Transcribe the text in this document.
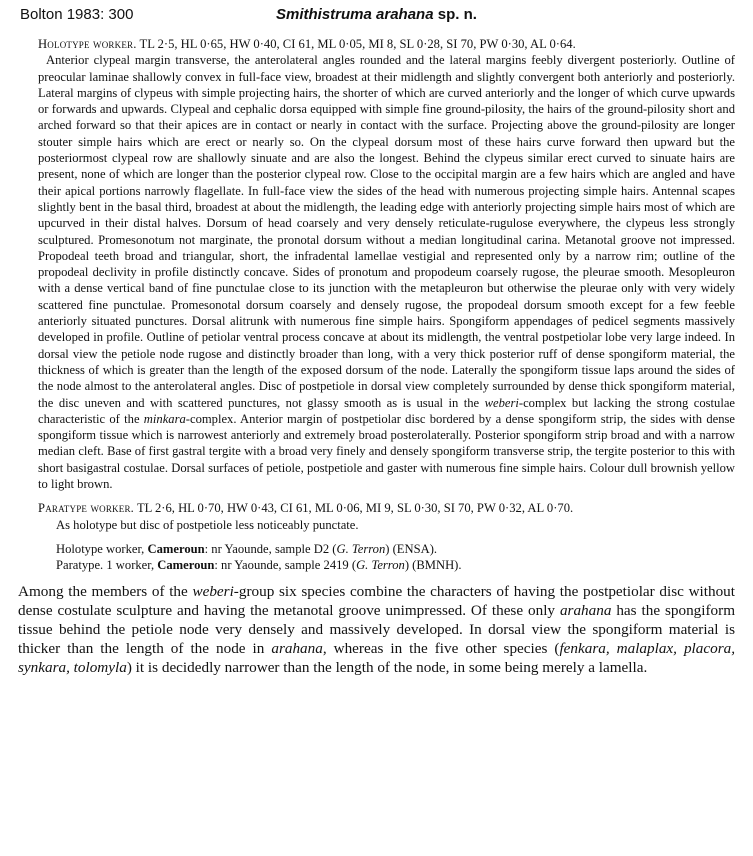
Bolton 1983: 300	Smithistruma arahana sp. n.

Holotype worker. TL 2·5, HL 0·65, HW 0·40, CI 61, ML 0·05, MI 8, SL 0·28, SI 70, PW 0·30, AL 0·64.

Anterior clypeal margin transverse, the anterolateral angles rounded and the lateral margins feebly divergent posteriorly. Outline of preocular laminae shallowly convex in full-face view, broadest at their midlength and slightly convergent both anteriorly and posteriorly. Lateral margins of clypeus with simple projecting hairs, the shorter of which are curved anteriorly and the longer of which curve upwards or forwards and upwards. Clypeal and cephalic dorsa equipped with simple fine ground-pilosity, the hairs of the ground-pilosity short and arched forward so that their apices are in contact or nearly in contact with the surface. Projecting above the ground-pilosity are longer stouter simple hairs which are erect or nearly so. On the clypeal dorsum most of these hairs curve forward then upward but the posteriormost clypeal row are shallowly sinuate and are also the longest. Behind the clypeus similar erect curved to sinuate hairs are present, none of which are longer than the posterior clypeal row. Close to the occipital margin are a few hairs which are angled and have their apical portions narrowly flagellate. In full-face view the sides of the head with numerous projecting simple hairs. Antennal scapes slightly bent in the basal third, broadest at about the midlength, the leading edge with anteriorly projecting simple hairs most of which are upcurved in their distal halves. Dorsum of head coarsely and very densely reticulate-rugulose everywhere, the clypeus less strongly sculptured. Promesonotum not marginate, the pronotal dorsum without a median longitudinal carina. Metanotal groove not impressed. Propodeal teeth broad and triangular, short, the infradental lamellae vestigial and represented only by a narrow rim; outline of the propodeal declivity in profile distinctly concave. Sides of pronotum and propodeum coarsely rugose, the pleurae smooth. Mesopleuron with a dense vertical band of fine punctulae close to its junction with the metapleuron but otherwise the pleurae only with very widely scattered fine punctulae. Promesonotal dorsum coarsely and densely rugose, the propodeal dorsum smooth except for a few feeble anteriorly situated punctures. Dorsal alitrunk with numerous fine simple hairs. Spongiform appendages of pedicel segments massively developed in profile. Outline of petiolar ventral process concave at about its midlength, the ventral postpetiolar lobe very large indeed. In dorsal view the petiole node rugose and distinctly broader than long, with a very thick posterior ruff of dense spongiform material, the thickness of which is greater than the length of the exposed dorsum of the node. Laterally the spongiform tissue laps around the sides of the node almost to the anterolateral angles. Disc of postpetiole in dorsal view completely surrounded by dense thick spongiform material, the disc uneven and with scattered punctures, not glassy smooth as is usual in the weberi-complex but lacking the strong costulae characteristic of the minkara-complex. Anterior margin of postpetiolar disc bordered by a dense spongiform strip, the sides with dense spongiform tissue which is narrowest anteriorly and extremely broad posterolaterally. Posterior spongiform strip broad and with a narrow median cleft. Base of first gastral tergite with a broad very finely and densely spongiform transverse strip, the tergite posterior to this with short basigastral costulae. Dorsal surfaces of petiole, postpetiole and gaster with numerous fine simple hairs. Colour dull brownish yellow to light brown.

Paratype worker. TL 2·6, HL 0·70, HW 0·43, CI 61, ML 0·06, MI 9, SL 0·30, SI 70, PW 0·32, AL 0·70.

As holotype but disc of postpetiole less noticeably punctate.

Holotype worker, Cameroun: nr Yaounde, sample D2 (G. Terron) (ENSA).
Paratype. 1 worker, Cameroun: nr Yaounde, sample 2419 (G. Terron) (BMNH).

Among the members of the weberi-group six species combine the characters of having the postpetiolar disc without dense costulate sculpture and having the metanotal groove unimpressed. Of these only arahana has the spongiform tissue behind the petiole node very densely and massively developed. In dorsal view the spongiform material is thicker than the length of the node in arahana, whereas in the five other species (fenkara, malaplax, placora, synkara, tolomyla) it is decidedly narrower than the length of the node, in some being merely a lamella.
